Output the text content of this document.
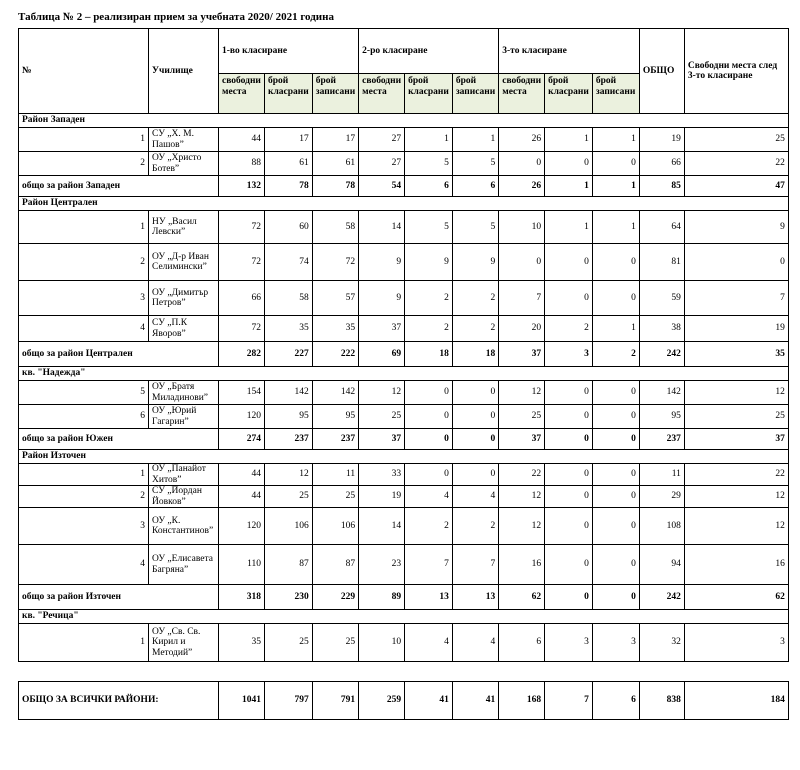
Таблица № 2 – реализиран прием за учебната 2020/ 2021 година
№	Училище	1-во класиране			2-ро класиране			3-то класиране			ОБЩО	Свободни места след 3-то класиране
		свободни места	брой класрани	брой записани	свободни места	брой класрани	брой записани	свободни места	брой класрани	брой записани		
Район Западен												
1	СУ „Х. М. Пашов”	44	17	17	27	1	1	26	1	1	19	25
2	ОУ „Христо Ботев”	88	61	61	27	5	5	0	0	0	66	22
общо за район Западен		132	78	78	54	6	6	26	1	1	85	47
Район Централен												
1	НУ „Васил Левски”	72	60	58	14	5	5	10	1	1	64	9
2	ОУ „Д-р Иван Селимински”	72	74	72	9	9	9	0	0	0	81	0
3	ОУ „Димитър Петров”	66	58	57	9	2	2	7	0	0	59	7
4	СУ „П.К Яворов”	72	35	35	37	2	2	20	2	1	38	19
общо за район Централен		282	227	222	69	18	18	37	3	2	242	35
кв. "Надежда"												
5	ОУ „Братя Миладинови”	154	142	142	12	0	0	12	0	0	142	12
6	ОУ „Юрий Гагарин”	120	95	95	25	0	0	25	0	0	95	25
общо за район Южен		274	237	237	37	0	0	37	0	0	237	37
Район Източен												
1	ОУ „Панайот Хитов”	44	12	11	33	0	0	22	0	0	11	22
2	СУ „Йордан Йовков”	44	25	25	19	4	4	12	0	0	29	12
3	ОУ „К. Константинов”	120	106	106	14	2	2	12	0	0	108	12
4	ОУ „Елисавета Багряна”	110	87	87	23	7	7	16	0	0	94	16
общо за район Източен		318	230	229	89	13	13	62	0	0	242	62
кв. "Речица"												
1	ОУ „Св. Св. Кирил и Методий”	35	25	25	10	4	4	6	3	3	32	3

ОБЩО ЗА ВСИЧКИ РАЙОНИ:		1041	797	791	259	41	41	168	7	6	838	184
